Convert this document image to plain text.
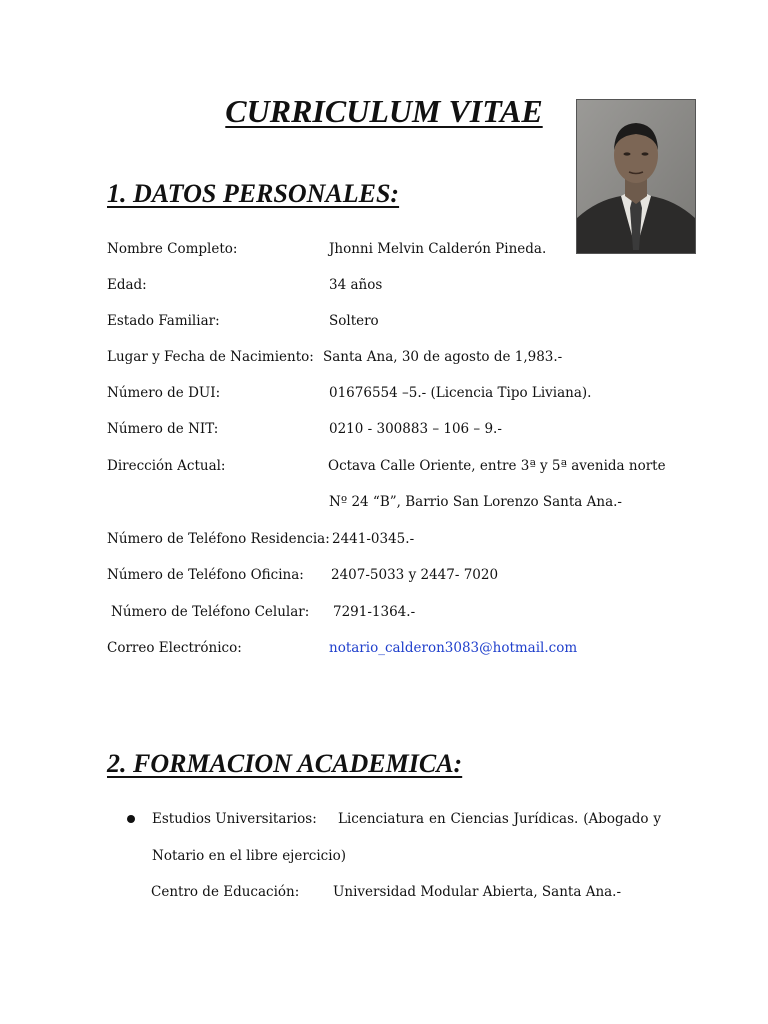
CURRICULUM VITAE
1. DATOS PERSONALES:
Nombre Completo:	Jhonni Melvin Calderón Pineda.
Edad:	34 años
Estado Familiar:	Soltero
Lugar y Fecha de Nacimiento: Santa Ana, 30 de agosto de 1,983.-
Número de DUI:	01676554 –5.- (Licencia Tipo Liviana).
Número de NIT:	0210 - 300883 – 106 – 9.-
Dirección Actual:	Octava Calle Oriente, entre 3ª y 5ª avenida norte
Nº 24 “B”, Barrio San Lorenzo Santa Ana.-
Número de Teléfono Residencia: 2441-0345.-
Número de Teléfono Oficina: 2407-5033 y 2447- 7020
Número de Teléfono Celular: 7291-1364.-
Correo Electrónico:	notario_calderon3083@hotmail.com
2. FORMACION ACADEMICA:
Estudios Universitarios: Licenciatura en Ciencias Jurídicas. (Abogado y
Notario en el libre ejercicio)
Centro de Educación: Universidad Modular Abierta, Santa Ana.-
